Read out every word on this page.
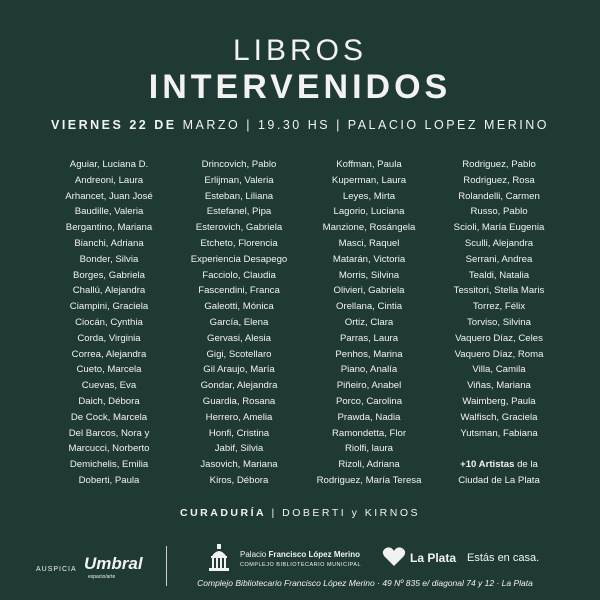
LIBROS
INTERVENIDOS
VIERNES 22 DE MARZO | 19.30 HS | PALACIO LOPEZ MERINO
Aguiar, Luciana D.
Andreoni, Laura
Arhancet, Juan José
Baudille, Valeria
Bergantino, Mariana
Bianchi, Adriana
Bonder, Silvia
Borges, Gabriela
Challú, Alejandra
Ciampini, Graciela
Ciocán, Cynthia
Corda, Virginia
Correa, Alejandra
Cueto, Marcela
Cuevas, Eva
Daich, Débora
De Cock, Marcela
Del Barcos, Nora y
Marcucci, Norberto
Demichelis, Emilia
Doberti, Paula
Drincovich, Pablo
Erlijman, Valeria
Esteban, Liliana
Estefanel, Pipa
Esterovich, Gabriela
Etcheto, Florencia
Experiencia Desapego
Facciolo, Claudia
Fascendini, Franca
Galeotti, Mónica
García, Elena
Gervasi, Alesia
Gigi, Scotellaro
Gil Araujo, María
Gondar, Alejandra
Guardia, Rosana
Herrero, Amelia
Honfi, Cristina
Jabif, Silvia
Jasovich, Mariana
Kiros, Débora
Koffman, Paula
Kuperman, Laura
Leyes, Mirta
Lagorio, Luciana
Manzione, Rosángela
Masci, Raquel
Matarán, Victoria
Morris, Silvina
Olivieri, Gabriela
Orellana, Cintia
Ortiz, Clara
Parras, Laura
Penhos, Marina
Piano, Analía
Piñeiro, Anabel
Porco, Carolina
Prawda, Nadia
Ramondetta, Flor
Riolfi, laura
Rizoli, Adriana
Rodriguez, María Teresa
Rodriguez, Pablo
Rodriguez, Rosa
Rolandelli, Carmen
Russo, Pablo
Scioli, María Eugenia
Sculli, Alejandra
Serrani, Andrea
Tealdi, Natalia
Tessitori, Stella Maris
Torrez, Félix
Torviso, Silvina
Vaquero Díaz, Celes
Vaquero Díaz, Roma
Villa, Camila
Viñas, Mariana
Waimberg, Paula
Walfisch, Graciela
Yutsman, Fabiana
+10 Artistas de la
Ciudad de La Plata
CURADURÍA | DOBERTI y KIRNOS
AUSPICIA Umbral
espacio/arte
Palacio Francisco López Merino
COMPLEJO BIBLIOTECARIO MUNICIPAL	La Plata Estás en casa.
Complejo Bibliotecario Francisco López Merino · 49 Nº 835 e/ diagonal 74 y 12 · La Plata
